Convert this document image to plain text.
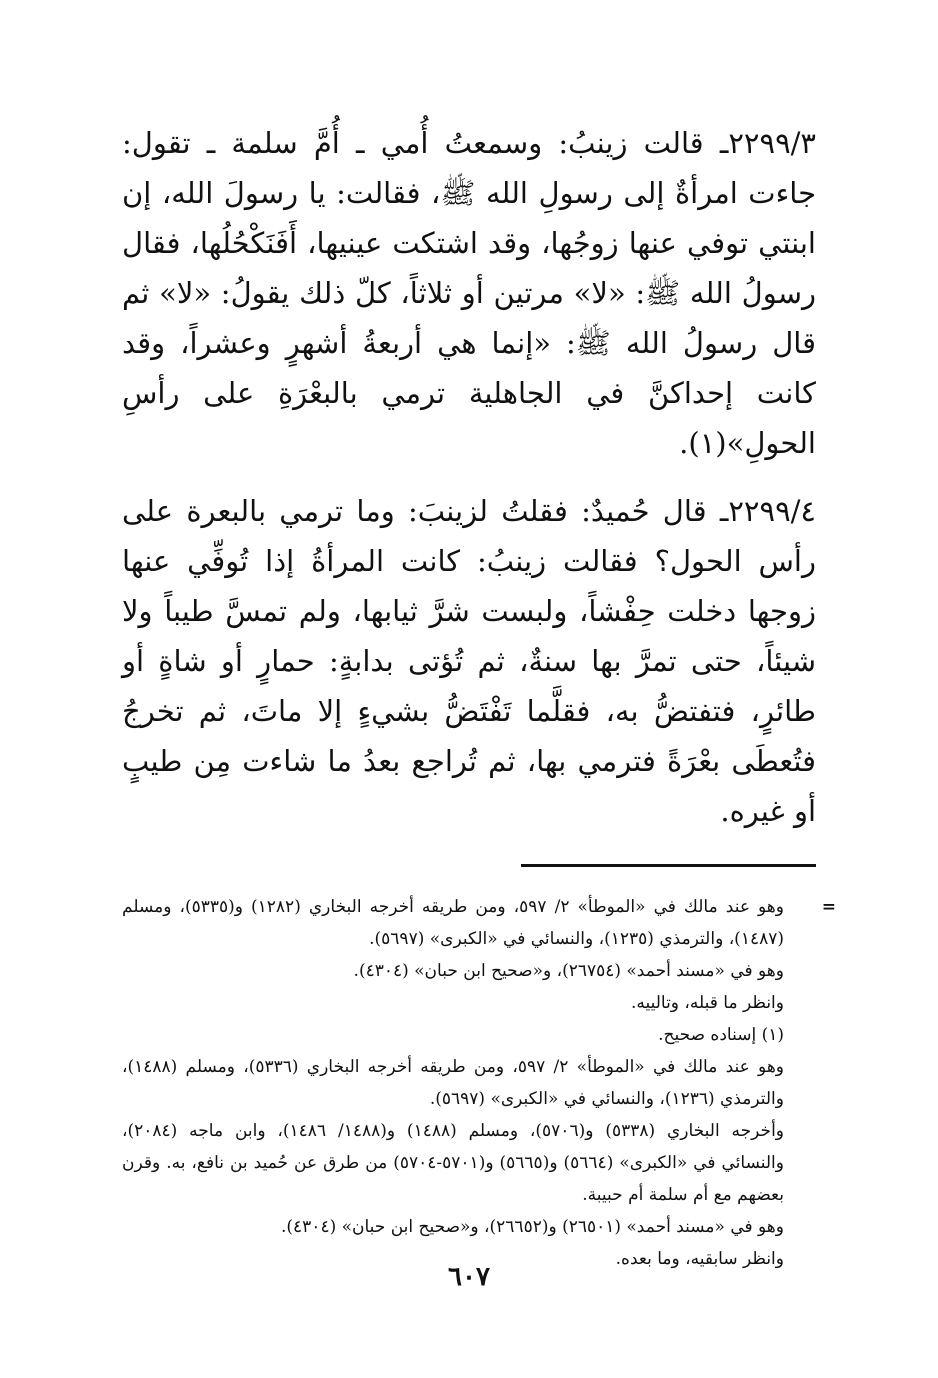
٢٢٩٩/٣ـ قالت زينبُ: وسمعتُ أُمي ـ أُمَّ سلمة ـ تقول: جاءت امرأةٌ إلى رسولِ الله ﷺ، فقالت: يا رسولَ الله، إن ابنتي توفي عنها زوجُها، وقد اشتكت عينيها، أَفَنَكْحُلُها، فقال رسولُ الله ﷺ: «لا» مرتين أو ثلاثاً، كلّ ذلك يقولُ: «لا» ثم قال رسولُ الله ﷺ: «إنما هي أربعةُ أشهرٍ وعشراً، وقد كانت إحداكنَّ في الجاهلية ترمي بالبعْرَةِ على رأسِ الحولِ»(١).

٢٢٩٩/٤ـ قال حُميدٌ: فقلتُ لزينبَ: وما ترمي بالبعرة على رأس الحول؟ فقالت زينبُ: كانت المرأةُ إذا تُوفِّي عنها زوجها دخلت حِفْشاً، ولبست شرَّ ثيابها، ولم تمسَّ طيباً ولا شيئاً، حتى تمرَّ بها سنةٌ، ثم تُؤتى بدابةٍ: حمارٍ أو شاةٍ أو طائرٍ، فتفتضُّ به، فقلَّما تَفْتَضُّ بشيءٍ إلا ماتَ، ثم تخرجُ فتُعطَى بعْرَةً فترمي بها، ثم تُراجع بعدُ ما شاءت مِن طيبٍ أو غيره.

=
وهو عند مالك في «الموطأ» ٢/ ٥٩٧، ومن طريقه أخرجه البخاري (١٢٨٢) و(٥٣٣٥)، ومسلم (١٤٨٧)، والترمذي (١٢٣٥)، والنسائي في «الكبرى» (٥٦٩٧).

وهو في «مسند أحمد» (٢٦٧٥٤)، و«صحيح ابن حبان» (٤٣٠٤).

وانظر ما قبله، وتالييه.

(١) إسناده صحيح.

وهو عند مالك في «الموطأ» ٢/ ٥٩٧، ومن طريقه أخرجه البخاري (٥٣٣٦)، ومسلم (١٤٨٨)، والترمذي (١٢٣٦)، والنسائي في «الكبرى» (٥٦٩٧).

وأخرجه البخاري (٥٣٣٨) و(٥٧٠٦)، ومسلم (١٤٨٨) و(١٤٨٨/ ١٤٨٦)، وابن ماجه (٢٠٨٤)، والنسائي في «الكبرى» (٥٦٦٤) و(٥٦٦٥) و(٥٧٠١-٥٧٠٤) من طرق عن حُميد بن نافع، به. وقرن بعضهم مع أم سلمة أم حبيبة.

وهو في «مسند أحمد» (٢٦٥٠١) و(٢٦٦٥٢)، و«صحيح ابن حبان» (٤٣٠٤).

وانظر سابقيه، وما بعده.

٦٠٧
